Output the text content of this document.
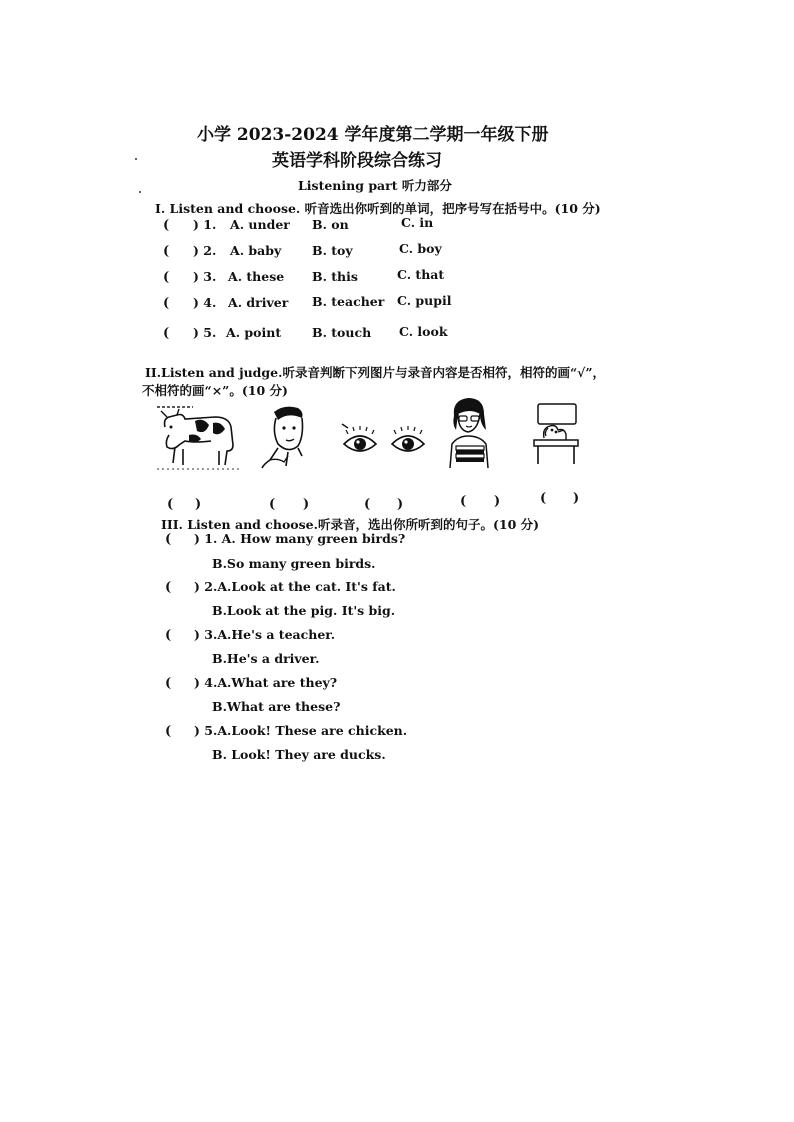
小学 2023-2024 学年度第二学期一年级下册
英语学科阶段综合练习
Listening part 听力部分
I. Listen and choose. 听音选出你听到的单词，把序号写在括号中。(10 分)
( ) 1. A. under B. on	C. in
( ) 2. A. baby B. toy	C. boy
( ) 3. A. these B. this	C. that
( ) 4. A. driver B. teacher C. pupil
( ) 5. A. point B. touch C. look
II.Listen and judge.听录音判断下列图片与录音内容是否相符，相符的画“√”，
不相符的画“×”。(10 分)
( )	( )	( )	( )	( )
III. Listen and choose.听录音，选出你所听到的句子。(10 分)
( ) 1. A. How many green birds?
B.So many green birds.
( ) 2.A.Look at the cat. It's fat.
B.Look at the pig. It's big.
( ) 3.A.He's a teacher.
B.He's a driver.
( ) 4.A.What are they?
B.What are these?
( ) 5.A.Look! These are chicken.
B. Look! They are ducks.
